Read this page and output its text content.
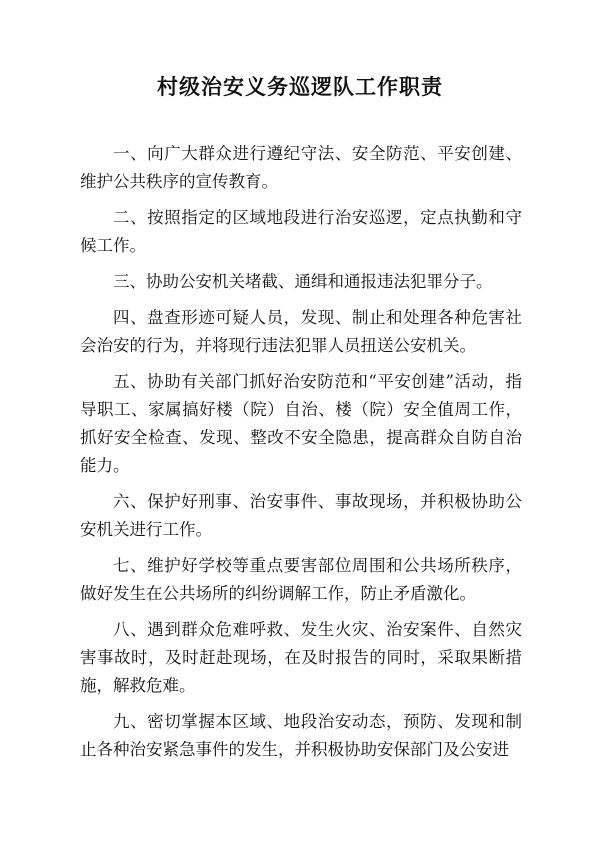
村级治安义务巡逻队工作职责

一、向广大群众进行遵纪守法、安全防范、平安创建、维护公共秩序的宣传教育。

二、按照指定的区域地段进行治安巡逻，定点执勤和守候工作。

三、协助公安机关堵截、通缉和通报违法犯罪分子。

四、盘查形迹可疑人员，发现、制止和处理各种危害社会治安的行为，并将现行违法犯罪人员扭送公安机关。

五、协助有关部门抓好治安防范和“平安创建”活动，指导职工、家属搞好楼（院）自治、楼（院）安全值周工作，抓好安全检查、发现、整改不安全隐患，提高群众自防自治能力。

六、保护好刑事、治安事件、事故现场，并积极协助公安机关进行工作。

七、维护好学校等重点要害部位周围和公共场所秩序，做好发生在公共场所的纠纷调解工作，防止矛盾激化。

八、遇到群众危难呼救、发生火灾、治安案件、自然灾害事故时，及时赶赴现场，在及时报告的同时，采取果断措施，解救危难。

九、密切掌握本区域、地段治安动态，预防、发现和制止各种治安紧急事件的发生，并积极协助安保部门及公安进
